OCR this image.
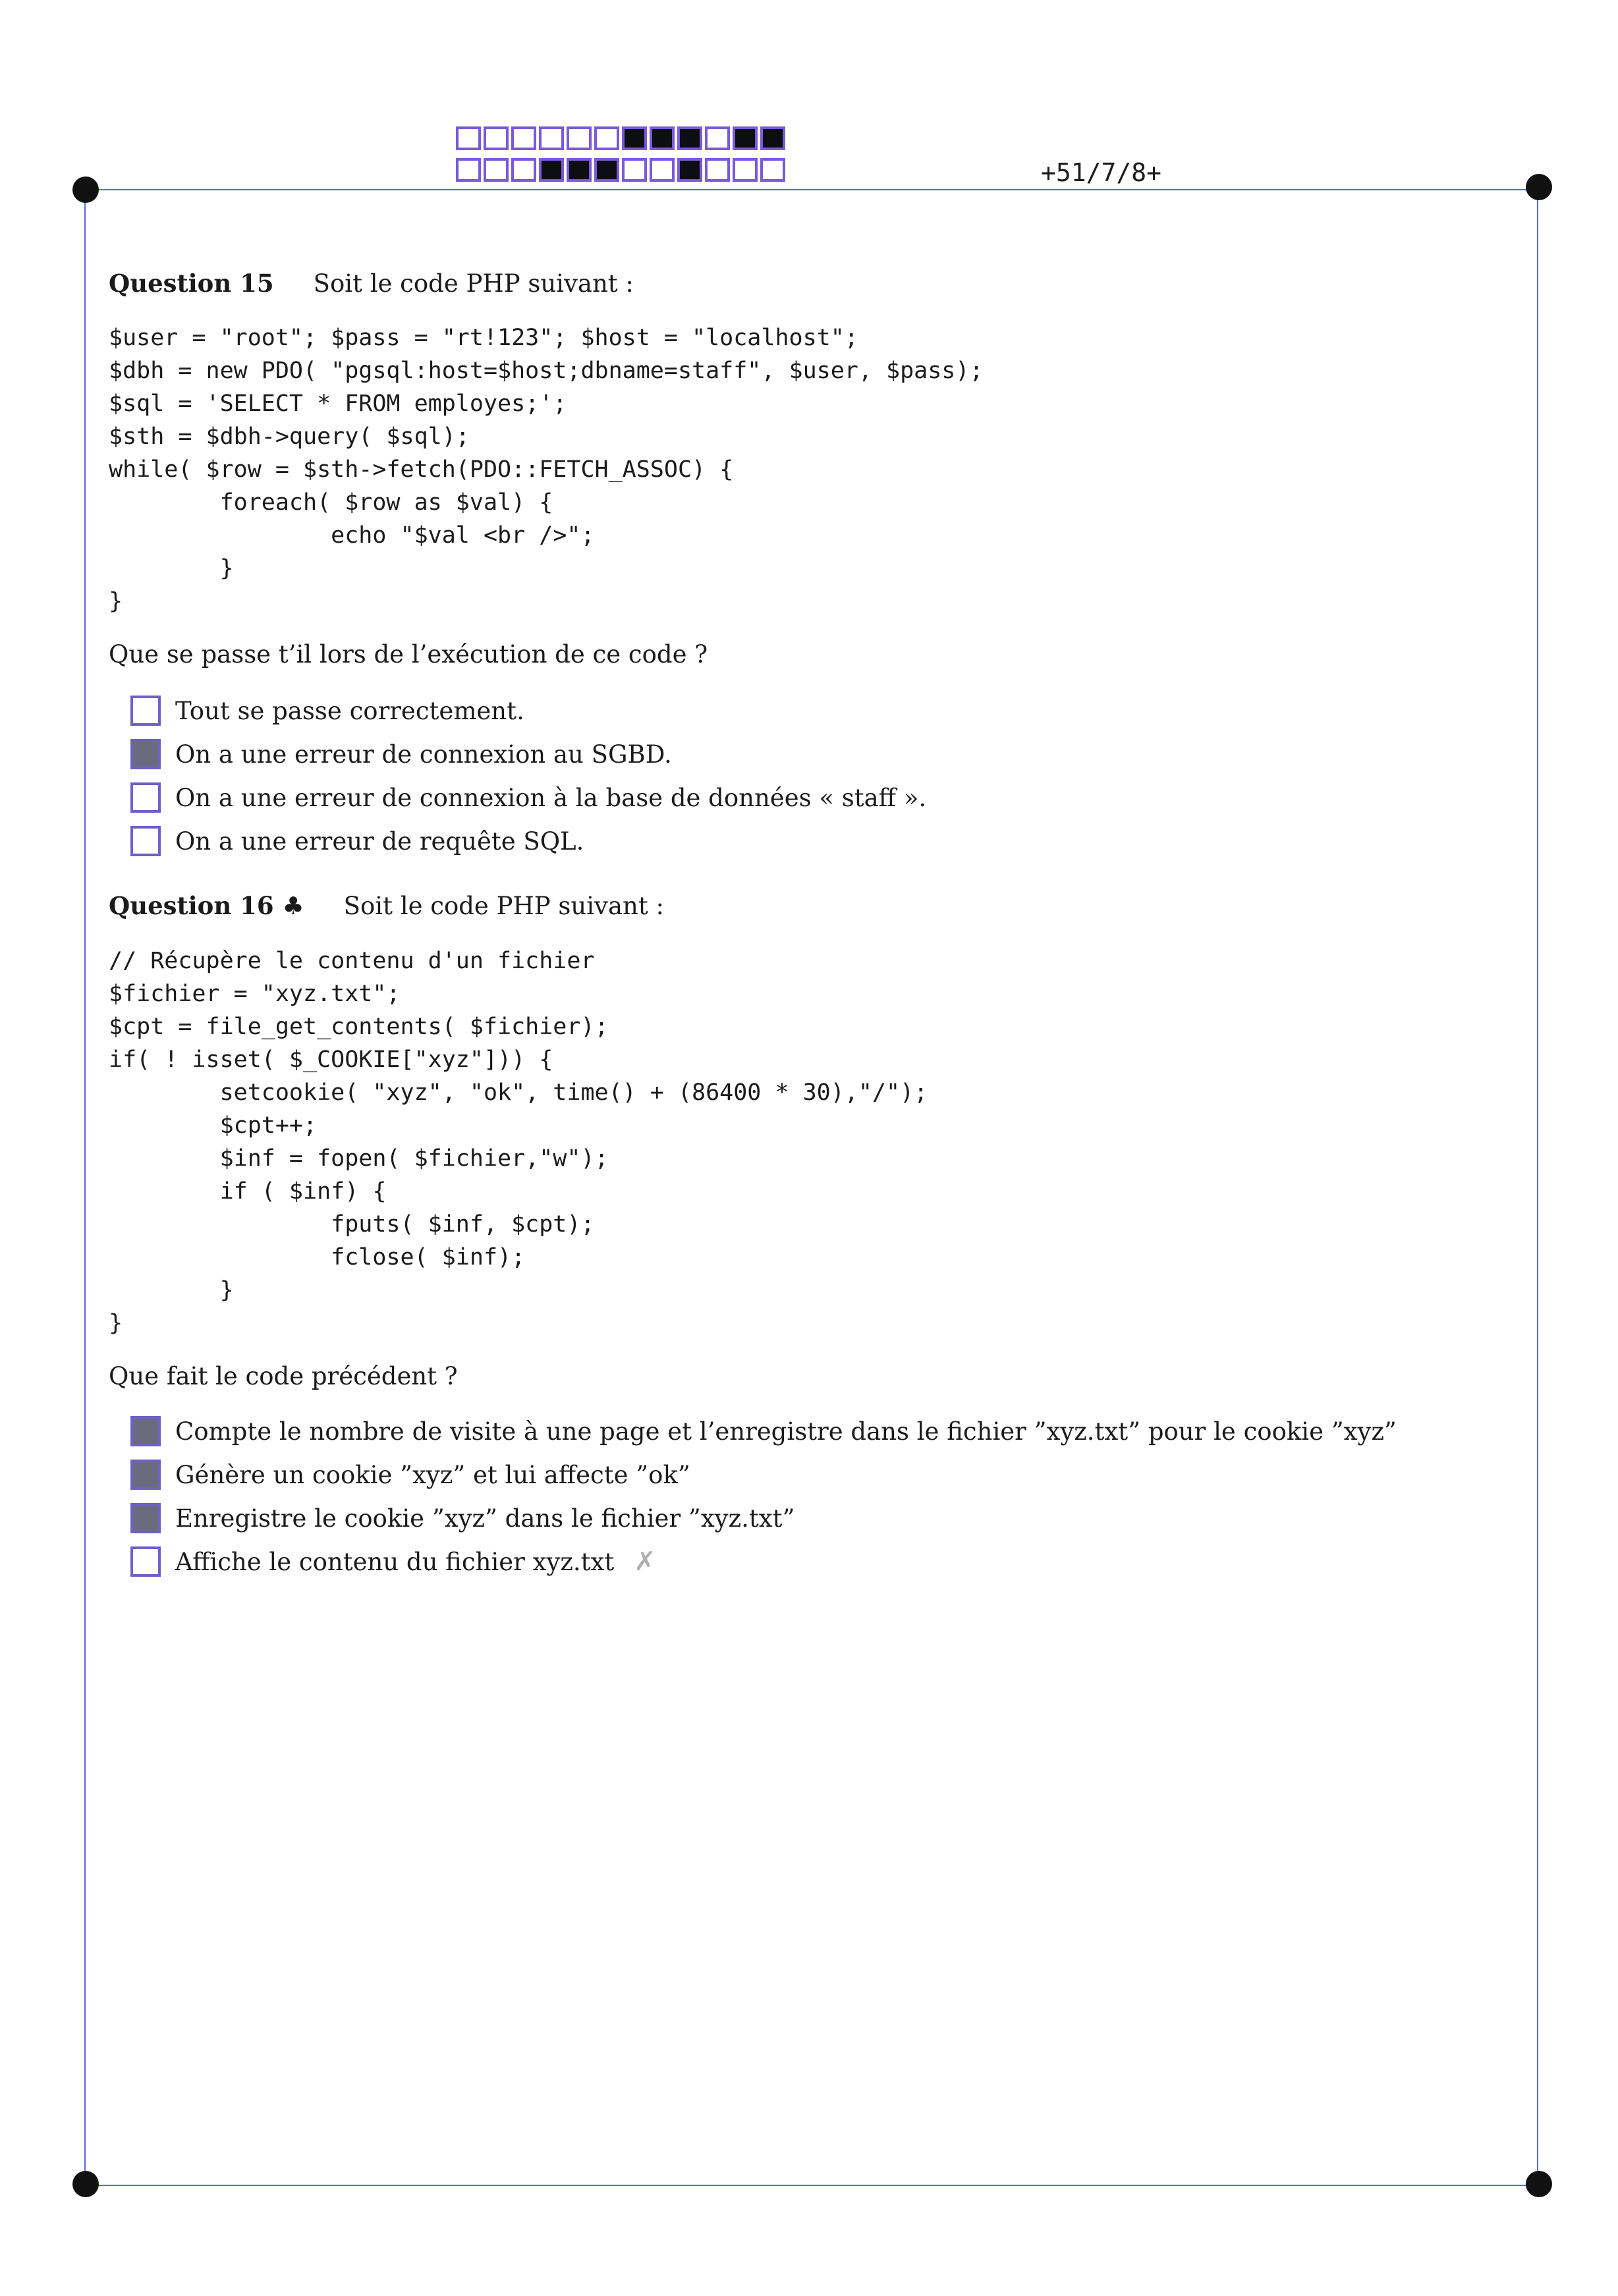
+51/7/8+
Question 15 Soit le code PHP suivant :
$user = "root"; $pass = "rt!123"; $host = "localhost";
$dbh = new PDO( "pgsql:host=$host;dbname=staff", $user, $pass);
$sql = 'SELECT * FROM employes;';
$sth = $dbh->query( $sql);
while( $row = $sth->fetch(PDO::FETCH_ASSOC) {
foreach( $row as $val) {
echo "$val <br />";
}
}
Que se passe t’il lors de l’exécution de ce code ?
Tout se passe correctement.
On a une erreur de connexion au SGBD.
On a une erreur de connexion à la base de données « staff ».
On a une erreur de requête SQL.
Question 16 ♣ Soit le code PHP suivant :
// Récupère le contenu d'un fichier
$fichier = "xyz.txt";
$cpt = file_get_contents( $fichier);
if( ! isset( $_COOKIE["xyz"])) {
setcookie( "xyz", "ok", time() + (86400 * 30),"/");
$cpt++;
$inf = fopen( $fichier,"w");
if ( $inf) {
fputs( $inf, $cpt);
fclose( $inf);
}
}
Que fait le code précédent ?
Compte le nombre de visite à une page et l’enregistre dans le fichier ”xyz.txt” pour le cookie ”xyz”
Génère un cookie ”xyz” et lui affecte ”ok”
Enregistre le cookie ”xyz” dans le fichier ”xyz.txt”
Affiche le contenu du fichier xyz.txt ✗
